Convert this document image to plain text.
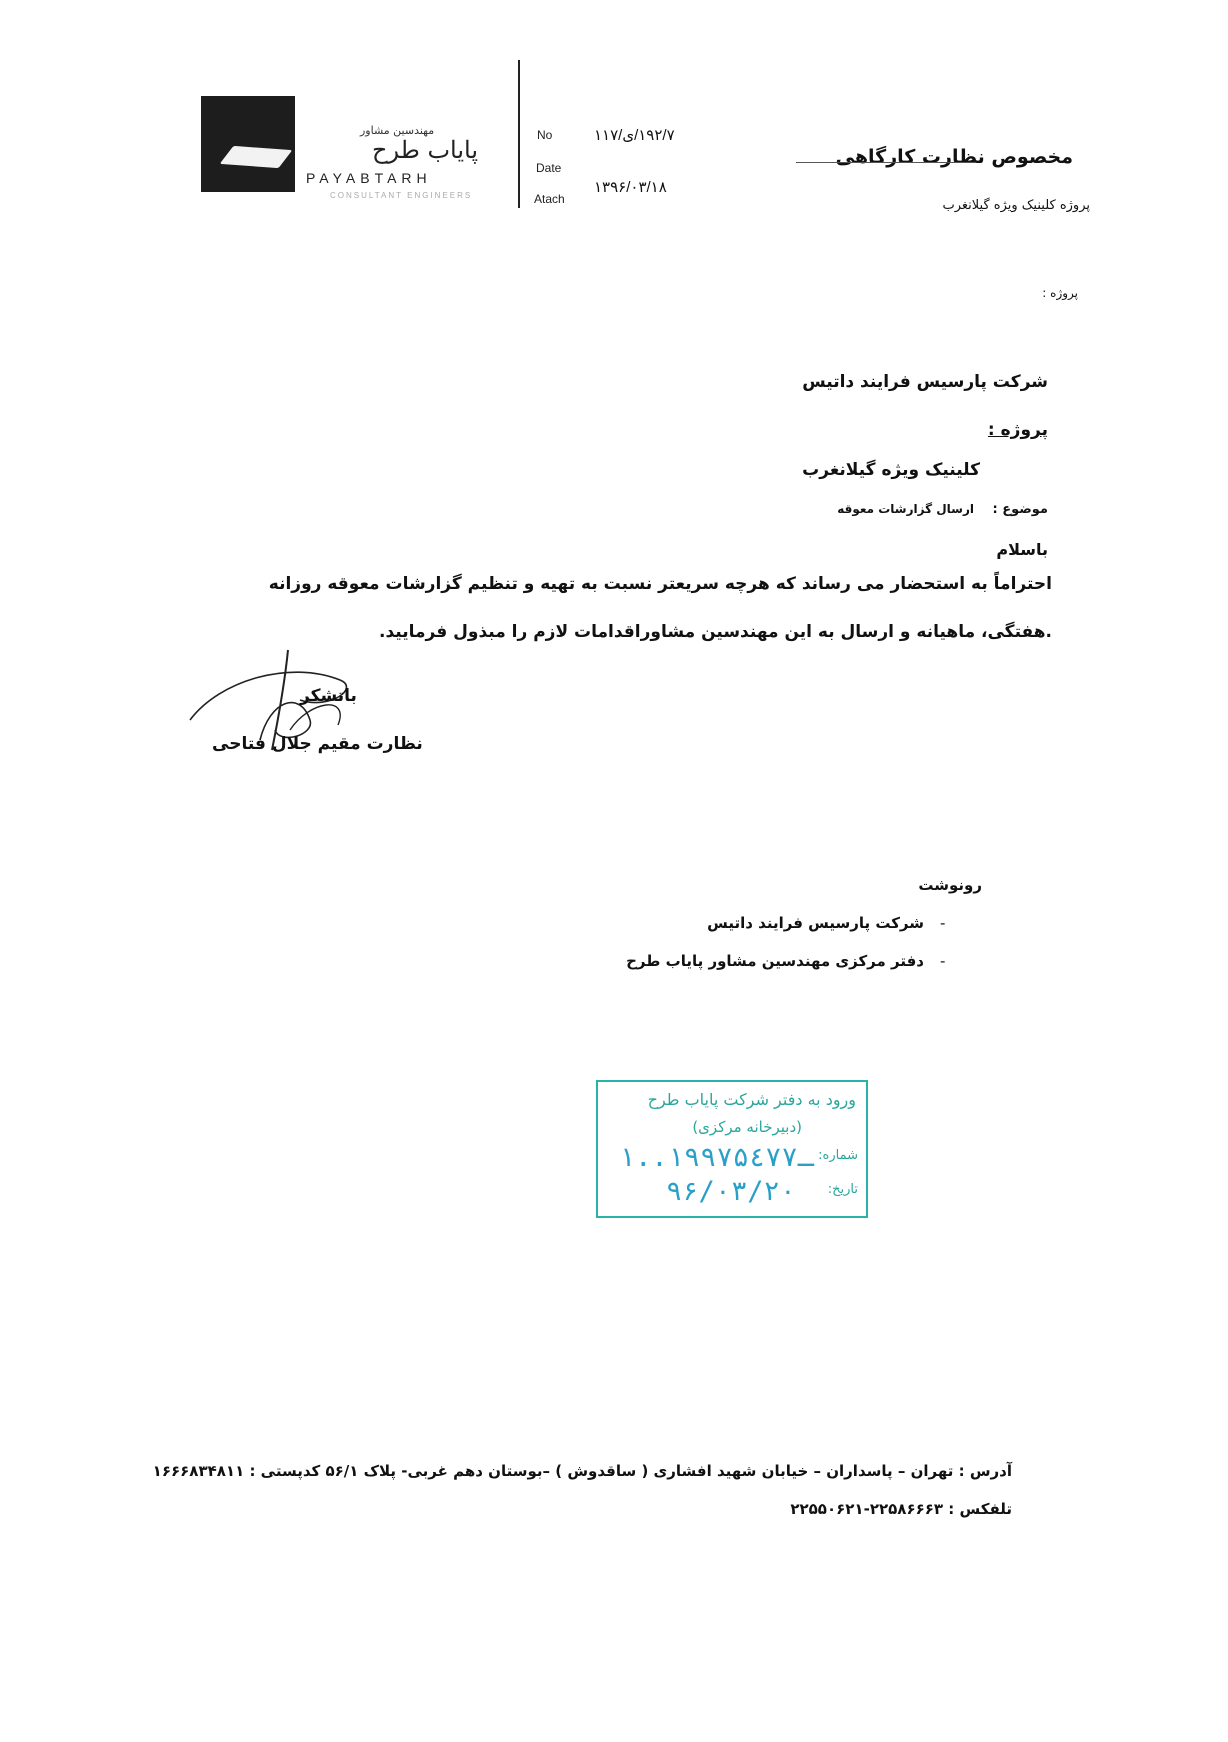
مهندسین مشاور
پایاب طرح
PAYABTARH
CONSULTANT ENGINEERS
No
Date
Atach
۱۹۲/۷/ی/۱۱۷
۱۳۹۶/۰۳/۱۸
مخصوص نظارت کارگاهی
پروژه کلینیک ویژه گیلانغرب
پروژه :
شرکت پارسیس فرایند داتیس
پروژه :
کلینیک ویژه گیلانغرب
موضوع :
ارسال گزارشات معوقه
باسلام
احتراماً به استحضار می رساند که هرچه سریعتر نسبت به تهیه و تنظیم گزارشات معوقه روزانه
.هفتگی، ماهیانه و ارسال به این مهندسین مشاوراقدامات لازم را مبذول فرمایید.
باتشکر
نظارت مقیم جلال فتاحی
رونوشت
-
شرکت پارسیس فرایند داتیس
-
دفتر مرکزی مهندسین مشاور پایاب طرح
ورود به دفتر شرکت پایاب طرح
(دبیرخانه مرکزی)
شماره:
۱..۱۹۹ـ۷۵٤۷۷
تاریخ:
۹۶/۰۳/۲۰
آدرس : تهران – پاسداران – خیابان شهید افشاری ( ساقدوش ) –بوستان دهم غربی- پلاک ۵۶/۱ کدپستی : ۱۶۶۶۸۳۴۸۱۱
تلفکس : ۲۲۵۸۶۶۶۳-۲۲۵۵۰۶۲۱
